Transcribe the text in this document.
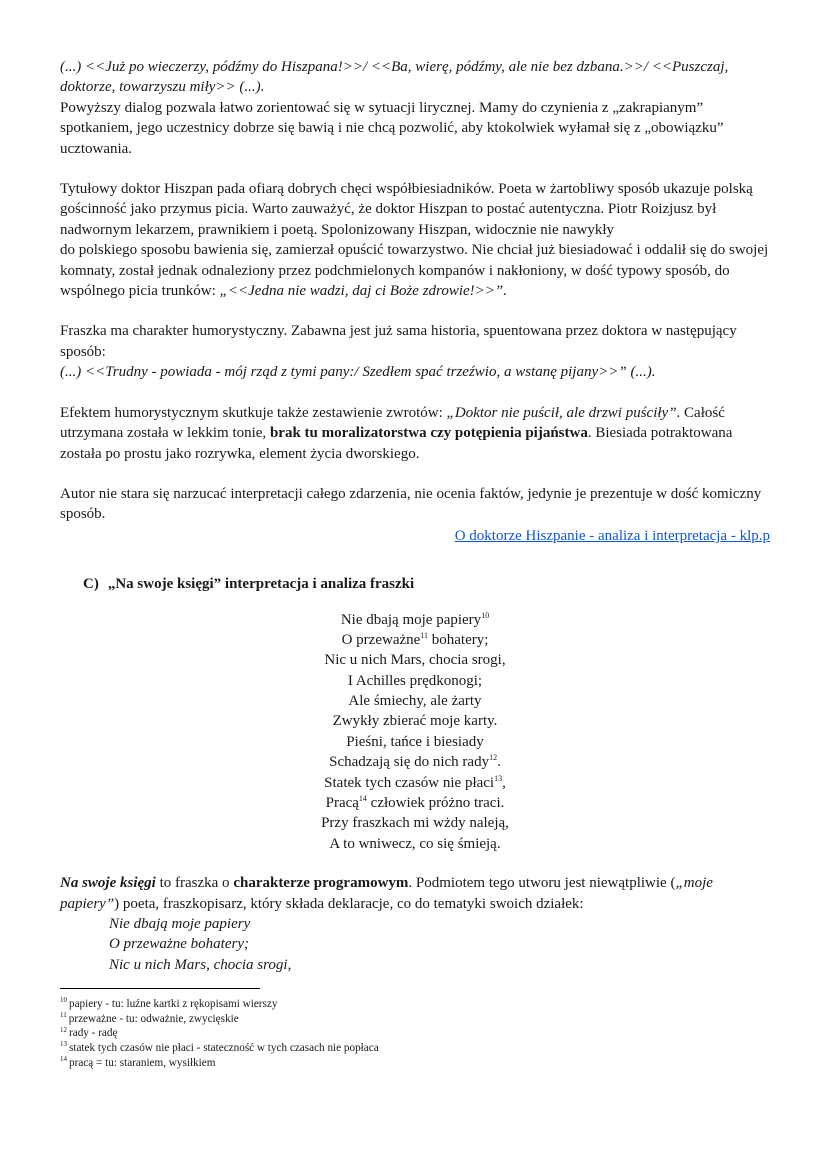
(...) <<Już po wieczerzy, pódźmy do Hiszpana!>>/ <<Ba, wierę, pódźmy, ale nie bez dzbana.>>/ <<Puszczaj, doktorze, towarzyszu miły>> (...).

Powyższy dialog pozwala łatwo zorientować się w sytuacji lirycznej. Mamy do czynienia z „zakrapianym” spotkaniem, jego uczestnicy dobrze się bawią i nie chcą pozwolić, aby ktokolwiek wyłamał się z „obowiązku” ucztowania.

Tytułowy doktor Hiszpan pada ofiarą dobrych chęci współbiesiadników. Poeta w żartobliwy sposób ukazuje polską gościnność jako przymus picia. Warto zauważyć, że doktor Hiszpan to postać autentyczna. Piotr Roizjusz był nadwornym lekarzem, prawnikiem i poetą. Spolonizowany Hiszpan, widocznie nie nawykły
do polskiego sposobu bawienia się, zamierzał opuścić towarzystwo. Nie chciał już biesiadować i oddalił się do swojej komnaty, został jednak odnaleziony przez podchmielonych kompanów i nakłoniony, w dość typowy sposób, do wspólnego picia trunków: „<<Jedna nie wadzi, daj ci Boże zdrowie!>>”.

Fraszka ma charakter humorystyczny. Zabawna jest już sama historia, spuentowana przez doktora w następujący sposób:

(...) <<Trudny - powiada - mój rząd z tymi pany:/ Szedłem spać trzeźwio, a wstanę pijany>>” (...).

Efektem humorystycznym skutkuje także zestawienie zwrotów: „Doktor nie puścił, ale drzwi puściły”. Całość utrzymana została w lekkim tonie, brak tu moralizatorstwa czy potępienia pijaństwa. Biesiada potraktowana została po prostu jako rozrywka, element życia dworskiego.

Autor nie stara się narzucać interpretacji całego zdarzenia, nie ocenia faktów, jedynie je prezentuje w dość komiczny sposób.

O doktorze Hiszpanie - analiza i interpretacja - klp.p

C) „Na swoje księgi” interpretacja i analiza fraszki

Nie dbają moje papiery$^{10}$
O przeważne$^{11}$ bohatery;
Nic u nich Mars, chocia srogi,
I Achilles prędkonogi;
Ale śmiechy, ale żarty
Zwykły zbierać moje karty.
Pieśni, tańce i biesiady
Schadzają się do nich rady$^{12}$.
Statek tych czasów nie płaci$^{13}$,
Pracą$^{14}$ człowiek próżno traci.
Przy fraszkach mi wżdy naleją,
A to wniwecz, co się śmieją.

Na swoje księgi to fraszka o charakterze programowym. Podmiotem tego utworu jest niewątpliwie („moje papiery”) poeta, fraszkopisarz, który składa deklaracje, co do tematyki swoich działek:

Nie dbają moje papiery
O przeważne bohatery;
Nic u nich Mars, chocia srogi,
$^{10}$ papiery - tu: luźne kartki z rękopisami wierszy
$^{11}$ przeważne - tu: odważnie, zwycięskie
$^{12}$ rady - radę
$^{13}$ statek tych czasów nie płaci - stateczność w tych czasach nie popłaca
$^{14}$ pracą = tu: staraniem, wysiłkiem
